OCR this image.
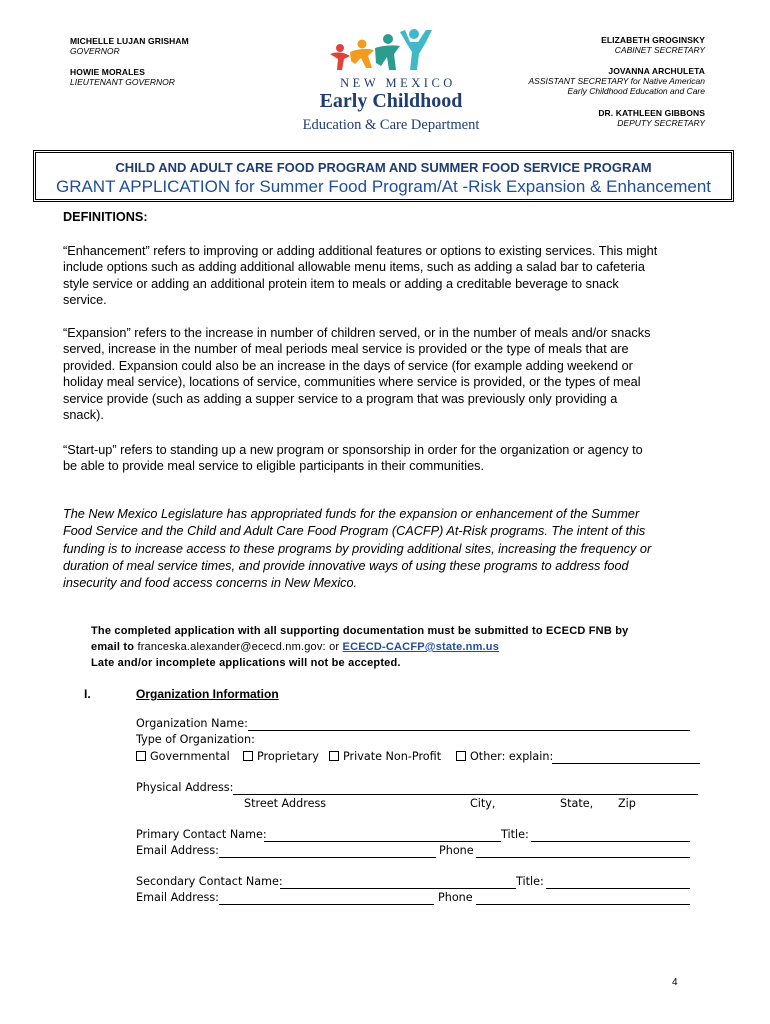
MICHELLE LUJAN GRISHAM
GOVERNOR
HOWIE MORALES
LIEUTENANT GOVERNOR
ELIZABETH GROGINSKY
CABINET SECRETARY
JOVANNA ARCHULETA
ASSISTANT SECRETARY for Native American
Early Childhood Education and Care
DR. KATHLEEN GIBBONS
DEPUTY SECRETARY
NEW MEXICO
Early Childhood
Education & Care Department
CHILD AND ADULT CARE FOOD PROGRAM AND SUMMER FOOD SERVICE PROGRAM
GRANT APPLICATION for Summer Food Program/At -Risk Expansion & Enhancement
DEFINITIONS:
“Enhancement” refers to improving or adding additional features or options to existing services. This might
include options such as adding additional allowable menu items, such as adding a salad bar to cafeteria
style service or adding an additional protein item to meals or adding a creditable beverage to snack
service.
“Expansion” refers to the increase in number of children served, or in the number of meals and/or snacks
served, increase in the number of meal periods meal service is provided or the type of meals that are
provided. Expansion could also be an increase in the days of service (for example adding weekend or
holiday meal service), locations of service, communities where service is provided, or the types of meal
service provide (such as adding a supper service to a program that was previously only providing a
snack).
“Start-up” refers to standing up a new program or sponsorship in order for the organization or agency to
be able to provide meal service to eligible participants in their communities.
The New Mexico Legislature has appropriated funds for the expansion or enhancement of the Summer
Food Service and the Child and Adult Care Food Program (CACFP) At-Risk programs. The intent of this
funding is to increase access to these programs by providing additional sites, increasing the frequency or
duration of meal service times, and provide innovative ways of using these programs to address food
insecurity and food access concerns in New Mexico.
The completed application with all supporting documentation must be submitted to ECECD FNB by
email to franceska.alexander@ececd.nm.gov: or ECECD-CACFP@state.nm.us
Late and/or incomplete applications will not be accepted.
I.	Organization Information
Organization Name:
Type of Organization:
Governmental	Proprietary	Private Non-Profit	Other: explain:
Physical Address:
Street Address	City,	State, Zip
Primary Contact Name:	Title:
Email Address:	Phone
Secondary Contact Name:	Title:
Email Address:	Phone
4
